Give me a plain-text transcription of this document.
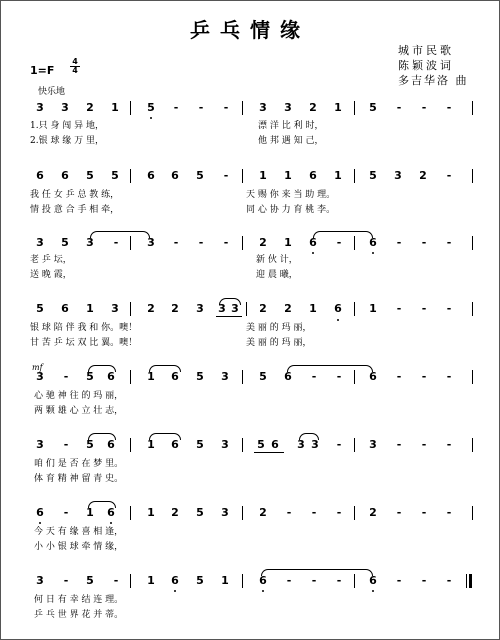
乒乓情缘
城市民歌
陈颖波词
多吉华洛 曲
1=F
4
4
快乐地
mf
3 3 2 1	5	-	-	-	3 3 2 1 5	-	-	-
1.只 身 闯 异 地，	漂 洋 比 利 时，
2.银 球 缘 万 里，	他 邦 遇 知 己，
6 6 5 5	6 6 5	-	1 1 6 1 5 3 2	-
我 任 女 乒 总 教 练，	天 赐 你 来 当 助 理。
情 投 意 合 手 相 牵，	同 心 协 力 育 桃 李。
3 5 3	-	3	-	-	-	2 1 6	-	6	-	-	-
老 乒 坛，	新 伙 计，
送 晚 霞，	迎 晨 曦，
5 6 1 3	2 2 3 3 3 2 2 1 6 1	-	-	-
银 球 陪 伴 我 和 你。噢！	美 丽 的 玛 丽，
甘 苦 乒 坛 双 比 翼。噢！	美 丽 的 玛 丽，
3	-	5 6	1 6 5 3	5 6	-	-	6	-	-	-
心 驰 神 往 的 玛 丽，
两 颗 雄 心 立 壮 志，
3	-	5 6	1 6 5 3	5 6 3 3	-	3	-	-	-
咱 们 是 否 在 梦 里。
体 育 精 神 留 青 史。
6	-	1 6	1 2 5 3	2	-	-	-	2	-	-	-
今 天 有 缘 喜 相 逢，
小 小 银 球 牵 情 缘，
3	-	5	-	1 6 5 1	6	-	-	-	6	-	-	-
何 日 有 幸 结 连 理。
乒 乓 世 界 花 并 蒂。
